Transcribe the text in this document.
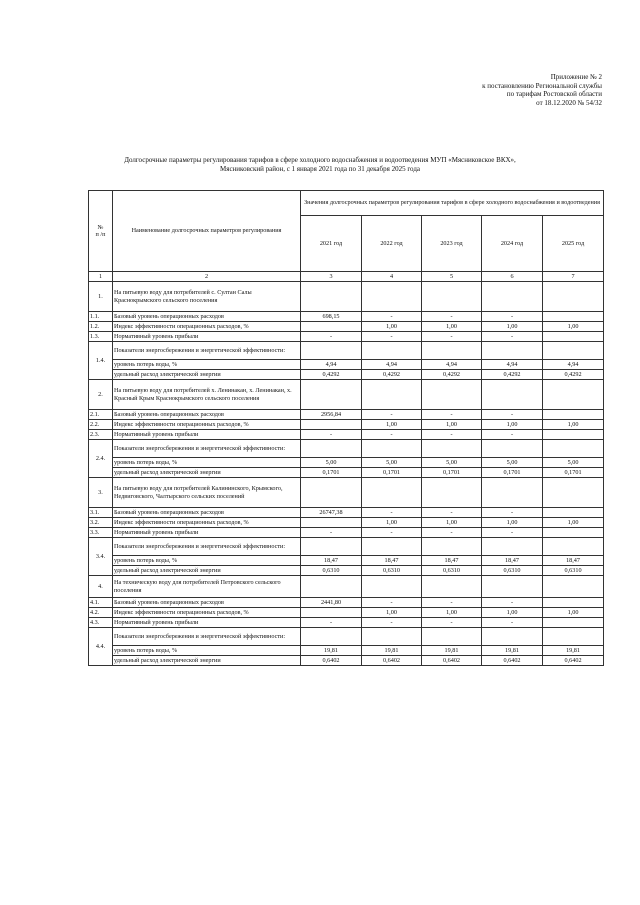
Приложение № 2
к постановлению Региональной службы
по тарифам Ростовской области
от 18.12.2020 № 54/32
Долгосрочные параметры регулирования тарифов в сфере холодного водоснабжения и водоотведения МУП «Мясниковское ВКХ»,
Мясниковский район, с 1 января 2021 года по 31 декабря 2025 года
№
п /п	Наименование долгосрочных параметров регулирования	Значения долгосрочных параметров регулирования тарифов в сфере холодного водоснабжения и водоотведения				
		2021 год	2022 год	2023 год	2024 год	2025 год
1	2	3	4	5	6	7
1.	На питьевую воду для потребителей с. Султан Салы Краснокрымского сельского поселения					
1.1.	Базовый уровень операционных расходов	698,15	-	-	-	
1.2.	Индекс эффективности операционных расходов, %		1,00	1,00	1,00	1,00
1.3.	Нормативный уровень прибыли	-	-	-	-	
1.4.	Показатели энергосбережения и энергетической эффективности:					
	уровень потерь воды, %	4,94	4,94	4,94	4,94	4,94
	удельный расход электрической энергии	0,4292	0,4292	0,4292	0,4292	0,4292
2.	На питьевую воду для потребителей х. Ленинакан, х. Ленинакан, х. Красный Крым Краснокрымского сельского поселения					
2.1.	Базовый уровень операционных расходов	2956,84	-	-	-	
2.2.	Индекс эффективности операционных расходов, %		1,00	1,00	1,00	1,00
2.3.	Нормативный уровень прибыли	-	-	-	-	
2.4.	Показатели энергосбережения и энергетической эффективности:					
	уровень потерь воды, %	5,00	5,00	5,00	5,00	5,00
	удельный расход электрической энергии	0,1701	0,1701	0,1701	0,1701	0,1701
3.	На питьевую воду для потребителей Калининского, Крымского, Недвиговского, Чалтырского сельских поселений					
3.1.	Базовый уровень операционных расходов	26747,38	-	-	-	
3.2.	Индекс эффективности операционных расходов, %		1,00	1,00	1,00	1,00
3.3.	Нормативный уровень прибыли	-	-	-	-	
3.4.	Показатели энергосбережения и энергетической эффективности:					
	уровень потерь воды, %	18,47	18,47	18,47	18,47	18,47
	удельный расход электрической энергии	0,6310	0,6310	0,6310	0,6310	0,6310
4.	На техническую воду для потребителей Петровского сельского поселения					
4.1.	Базовый уровень операционных расходов	2441,80	-	-	-	
4.2.	Индекс эффективности операционных расходов, %		1,00	1,00	1,00	1,00
4.3.	Нормативный уровень прибыли	-	-	-	-	
4.4.	Показатели энергосбережения и энергетической эффективности:					
	уровень потерь воды, %	19,81	19,81	19,81	19,81	19,81
	удельный расход электрической энергии	0,6402	0,6402	0,6402	0,6402	0,6402
